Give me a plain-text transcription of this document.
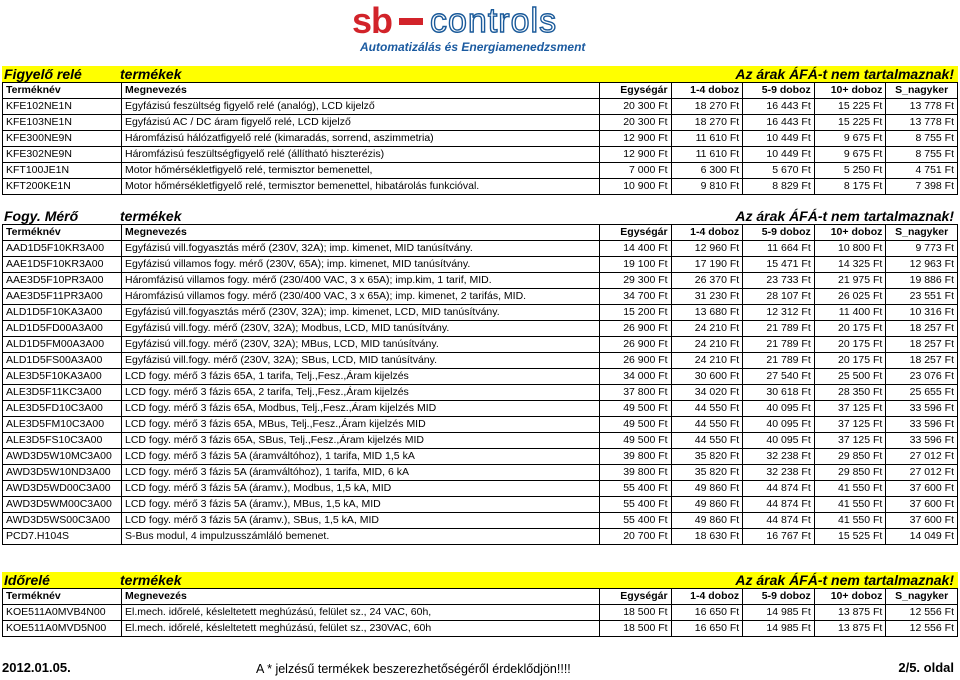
sb controls
Automatizálás és Energiamenedzsment
Figyelő relé	termékek	Az árak ÁFÁ-t nem tartalmaznak!
Terméknév	Megnevezés	Egységár	1-4 doboz	5-9 doboz	10+ doboz	S_nagyker
KFE102NE1N	Egyfázisú feszültség figyelő relé (analóg), LCD kijelző	20 300 Ft	18 270 Ft	16 443 Ft	15 225 Ft	13 778 Ft
KFE103NE1N	Egyfázisú AC / DC áram figyelő relé, LCD kijelző	20 300 Ft	18 270 Ft	16 443 Ft	15 225 Ft	13 778 Ft
KFE300NE9N	Háromfázisú hálózatfigyelő relé (kimaradás, sorrend, aszimmetria)	12 900 Ft	11 610 Ft	10 449 Ft	9 675 Ft	8 755 Ft
KFE302NE9N	Háromfázisú feszültségfigyelő relé (állítható hiszterézis)	12 900 Ft	11 610 Ft	10 449 Ft	9 675 Ft	8 755 Ft
KFT100JE1N	Motor hőmérsékletfigyelő relé, termisztor bemenettel,	7 000 Ft	6 300 Ft	5 670 Ft	5 250 Ft	4 751 Ft
KFT200KE1N	Motor hőmérsékletfigyelő relé, termisztor bemenettel, hibatárolás funkcióval.	10 900 Ft	9 810 Ft	8 829 Ft	8 175 Ft	7 398 Ft
Fogy. Mérő	termékek	Az árak ÁFÁ-t nem tartalmaznak!
Terméknév	Megnevezés	Egységár	1-4 doboz	5-9 doboz	10+ doboz	S_nagyker
AAD1D5F10KR3A00	Egyfázisú vill.fogyasztás mérő (230V, 32A); imp. kimenet, MID tanúsítvány.	14 400 Ft	12 960 Ft	11 664 Ft	10 800 Ft	9 773 Ft
AAE1D5F10KR3A00	Egyfázisú villamos fogy. mérő (230V, 65A); imp. kimenet, MID tanúsítvány.	19 100 Ft	17 190 Ft	15 471 Ft	14 325 Ft	12 963 Ft
AAE3D5F10PR3A00	Háromfázisú villamos fogy. mérő (230/400 VAC, 3 x 65A); imp.kim, 1 tarif, MID.	29 300 Ft	26 370 Ft	23 733 Ft	21 975 Ft	19 886 Ft
AAE3D5F11PR3A00	Háromfázisú villamos fogy. mérő (230/400 VAC, 3 x 65A); imp. kimenet, 2 tarifás, MID.	34 700 Ft	31 230 Ft	28 107 Ft	26 025 Ft	23 551 Ft
ALD1D5F10KA3A00	Egyfázisú vill.fogyasztás mérő (230V, 32A); imp. kimenet, LCD, MID tanúsítvány.	15 200 Ft	13 680 Ft	12 312 Ft	11 400 Ft	10 316 Ft
ALD1D5FD00A3A00	Egyfázisú vill.fogy. mérő (230V, 32A); Modbus, LCD, MID tanúsítvány.	26 900 Ft	24 210 Ft	21 789 Ft	20 175 Ft	18 257 Ft
ALD1D5FM00A3A00	Egyfázisú vill.fogy. mérő (230V, 32A); MBus, LCD, MID tanúsítvány.	26 900 Ft	24 210 Ft	21 789 Ft	20 175 Ft	18 257 Ft
ALD1D5FS00A3A00	Egyfázisú vill.fogy. mérő (230V, 32A); SBus, LCD, MID tanúsítvány.	26 900 Ft	24 210 Ft	21 789 Ft	20 175 Ft	18 257 Ft
ALE3D5F10KA3A00	LCD fogy. mérő 3 fázis 65A, 1 tarifa, Telj.,Fesz.,Áram kijelzés	34 000 Ft	30 600 Ft	27 540 Ft	25 500 Ft	23 076 Ft
ALE3D5F11KC3A00	LCD fogy. mérő 3 fázis 65A, 2 tarifa, Telj.,Fesz.,Áram kijelzés	37 800 Ft	34 020 Ft	30 618 Ft	28 350 Ft	25 655 Ft
ALE3D5FD10C3A00	LCD fogy. mérő 3 fázis 65A, Modbus, Telj.,Fesz.,Áram kijelzés MID	49 500 Ft	44 550 Ft	40 095 Ft	37 125 Ft	33 596 Ft
ALE3D5FM10C3A00	LCD fogy. mérő 3 fázis 65A, MBus, Telj.,Fesz.,Áram kijelzés MID	49 500 Ft	44 550 Ft	40 095 Ft	37 125 Ft	33 596 Ft
ALE3D5FS10C3A00	LCD fogy. mérő 3 fázis 65A, SBus, Telj.,Fesz.,Áram kijelzés MID	49 500 Ft	44 550 Ft	40 095 Ft	37 125 Ft	33 596 Ft
AWD3D5W10MC3A00	LCD fogy. mérő 3 fázis 5A (áramváltóhoz), 1 tarifa, MID 1,5 kA	39 800 Ft	35 820 Ft	32 238 Ft	29 850 Ft	27 012 Ft
AWD3D5W10ND3A00	LCD fogy. mérő 3 fázis 5A (áramváltóhoz), 1 tarifa, MID, 6 kA	39 800 Ft	35 820 Ft	32 238 Ft	29 850 Ft	27 012 Ft
AWD3D5WD00C3A00	LCD fogy. mérő 3 fázis 5A (áramv.), Modbus, 1,5 kA, MID	55 400 Ft	49 860 Ft	44 874 Ft	41 550 Ft	37 600 Ft
AWD3D5WM00C3A00	LCD fogy. mérő 3 fázis 5A (áramv.), MBus, 1,5 kA, MID	55 400 Ft	49 860 Ft	44 874 Ft	41 550 Ft	37 600 Ft
AWD3D5WS00C3A00	LCD fogy. mérő 3 fázis 5A (áramv.), SBus, 1,5 kA, MID	55 400 Ft	49 860 Ft	44 874 Ft	41 550 Ft	37 600 Ft
PCD7.H104S	S-Bus modul, 4 impulzusszámláló bemenet.	20 700 Ft	18 630 Ft	16 767 Ft	15 525 Ft	14 049 Ft
Időrelé	termékek	Az árak ÁFÁ-t nem tartalmaznak!
Terméknév	Megnevezés	Egységár	1-4 doboz	5-9 doboz	10+ doboz	S_nagyker
KOE511A0MVB4N00	El.mech. időrelé, késleltetett meghúzású, felület sz., 24 VAC, 60h,	18 500 Ft	16 650 Ft	14 985 Ft	13 875 Ft	12 556 Ft
KOE511A0MVD5N00	El.mech. időrelé, késleltetett meghúzású, felület sz., 230VAC, 60h	18 500 Ft	16 650 Ft	14 985 Ft	13 875 Ft	12 556 Ft
2012.01.05.	A * jelzésű termékek beszerezhetőségéről érdeklődjön!!!!	2/5. oldal
